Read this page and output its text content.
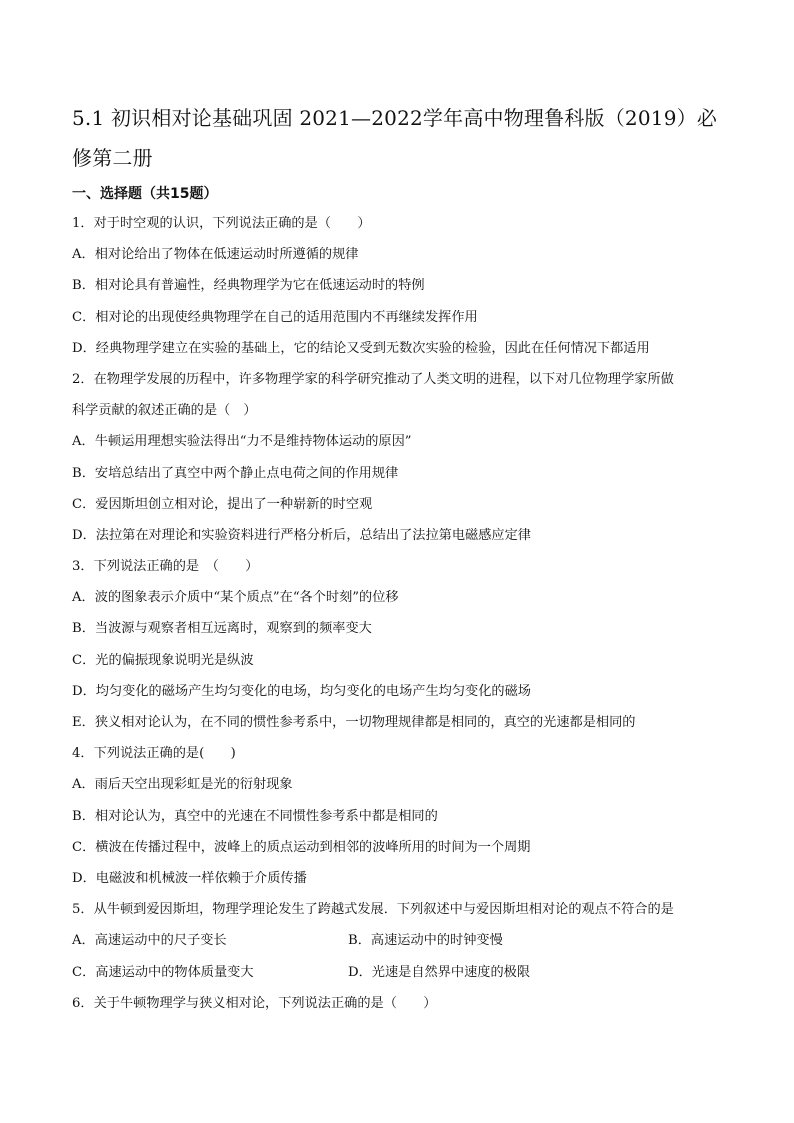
5.1 初识相对论基础巩固 2021—2022学年高中物理鲁科版（2019）必
修第二册
一、选择题（共15题）
1．对于时空观的认识，下列说法正确的是（　　）
A．相对论给出了物体在低速运动时所遵循的规律
B．相对论具有普遍性，经典物理学为它在低速运动时的特例
C．相对论的出现使经典物理学在自己的适用范围内不再继续发挥作用
D．经典物理学建立在实验的基础上，它的结论又受到无数次实验的检验，因此在任何情况下都适用
2．在物理学发展的历程中，许多物理学家的科学研究推动了人类文明的进程，以下对几位物理学家所做
科学贡献的叙述正确的是（　）
A．牛顿运用理想实验法得出“力不是维持物体运动的原因”
B．安培总结出了真空中两个静止点电荷之间的作用规律
C．爱因斯坦创立相对论，提出了一种崭新的时空观
D．法拉第在对理论和实验资料进行严格分析后，总结出了法拉第电磁感应定律
3．下列说法正确的是　（　　）
A．波的图象表示介质中“某个质点”在“各个时刻”的位移
B．当波源与观察者相互远离时，观察到的频率变大
C．光的偏振现象说明光是纵波
D．均匀变化的磁场产生均匀变化的电场，均匀变化的电场产生均匀变化的磁场
E．狭义相对论认为，在不同的惯性参考系中，一切物理规律都是相同的，真空的光速都是相同的
4．下列说法正确的是(　　)
A．雨后天空出现彩虹是光的衍射现象
B．相对论认为，真空中的光速在不同惯性参考系中都是相同的
C．横波在传播过程中，波峰上的质点运动到相邻的波峰所用的时间为一个周期
D．电磁波和机械波一样依赖于介质传播
5．从牛顿到爱因斯坦，物理学理论发生了跨越式发展．下列叙述中与爱因斯坦相对论的观点不符合的是
A．高速运动中的尺子变长	B．高速运动中的时钟变慢
C．高速运动中的物体质量变大	D．光速是自然界中速度的极限
6．关于牛顿物理学与狭义相对论，下列说法正确的是（　　）
